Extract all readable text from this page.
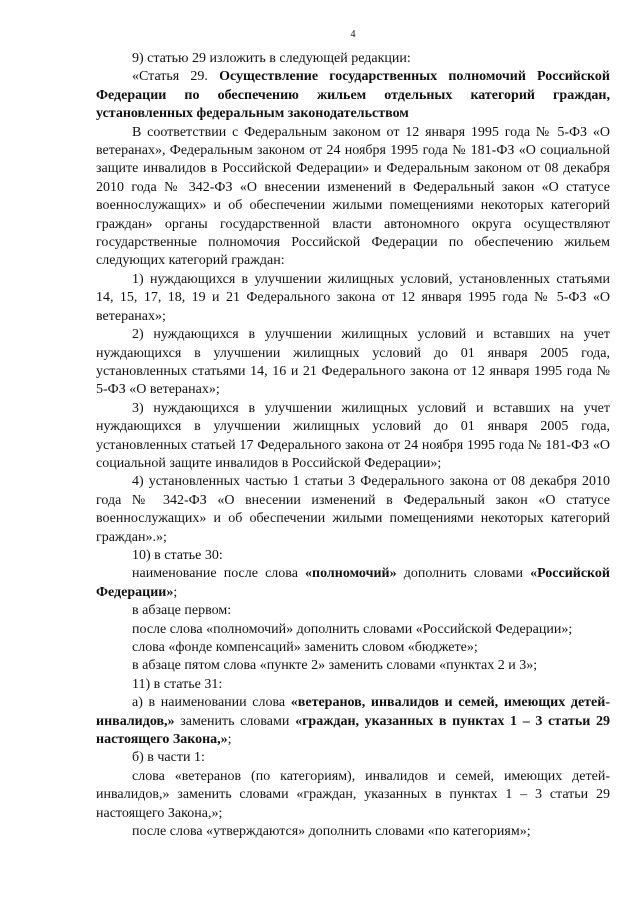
4

9) статью 29 изложить в следующей редакции:

«Статья 29. Осуществление государственных полномочий Российской Федерации по обеспечению жильем отдельных категорий граждан, установленных федеральным законодательством

В соответствии с Федеральным законом от 12 января 1995 года № 5-ФЗ «О ветеранах», Федеральным законом от 24 ноября 1995 года № 181-ФЗ «О социальной защите инвалидов в Российской Федерации» и Федеральным законом от 08 декабря 2010 года № 342-ФЗ «О внесении изменений в Федеральный закон «О статусе военнослужащих» и об обеспечении жилыми помещениями некоторых категорий граждан» органы государственной власти автономного округа осуществляют государственные полномочия Российской Федерации по обеспечению жильем следующих категорий граждан:

1) нуждающихся в улучшении жилищных условий, установленных статьями 14, 15, 17, 18, 19 и 21 Федерального закона от 12 января 1995 года № 5-ФЗ «О ветеранах»;

2) нуждающихся в улучшении жилищных условий и вставших на учет нуждающихся в улучшении жилищных условий до 01 января 2005 года, установленных статьями 14, 16 и 21 Федерального закона от 12 января 1995 года № 5-ФЗ «О ветеранах»;

3) нуждающихся в улучшении жилищных условий и вставших на учет нуждающихся в улучшении жилищных условий до 01 января 2005 года, установленных статьей 17 Федерального закона от 24 ноября 1995 года № 181-ФЗ «О социальной защите инвалидов в Российской Федерации»;

4) установленных частью 1 статьи 3 Федерального закона от 08 декабря 2010 года № 342-ФЗ «О внесении изменений в Федеральный закон «О статусе военнослужащих» и об обеспечении жилыми помещениями некоторых категорий граждан».»;

10) в статье 30:

наименование после слова «полномочий» дополнить словами «Российской Федерации»;

в абзаце первом:

после слова «полномочий» дополнить словами «Российской Федерации»;

слова «фонде компенсаций» заменить словом «бюджете»;

в абзаце пятом слова «пункте 2» заменить словами «пунктах 2 и 3»;

11) в статье 31:

а) в наименовании слова «ветеранов, инвалидов и семей, имеющих детей-инвалидов,» заменить словами «граждан, указанных в пунктах 1 – 3 статьи 29 настоящего Закона,»;

б) в части 1:

слова «ветеранов (по категориям), инвалидов и семей, имеющих детей-инвалидов,» заменить словами «граждан, указанных в пунктах 1 – 3 статьи 29 настоящего Закона,»;

после слова «утверждаются» дополнить словами «по категориям»;
